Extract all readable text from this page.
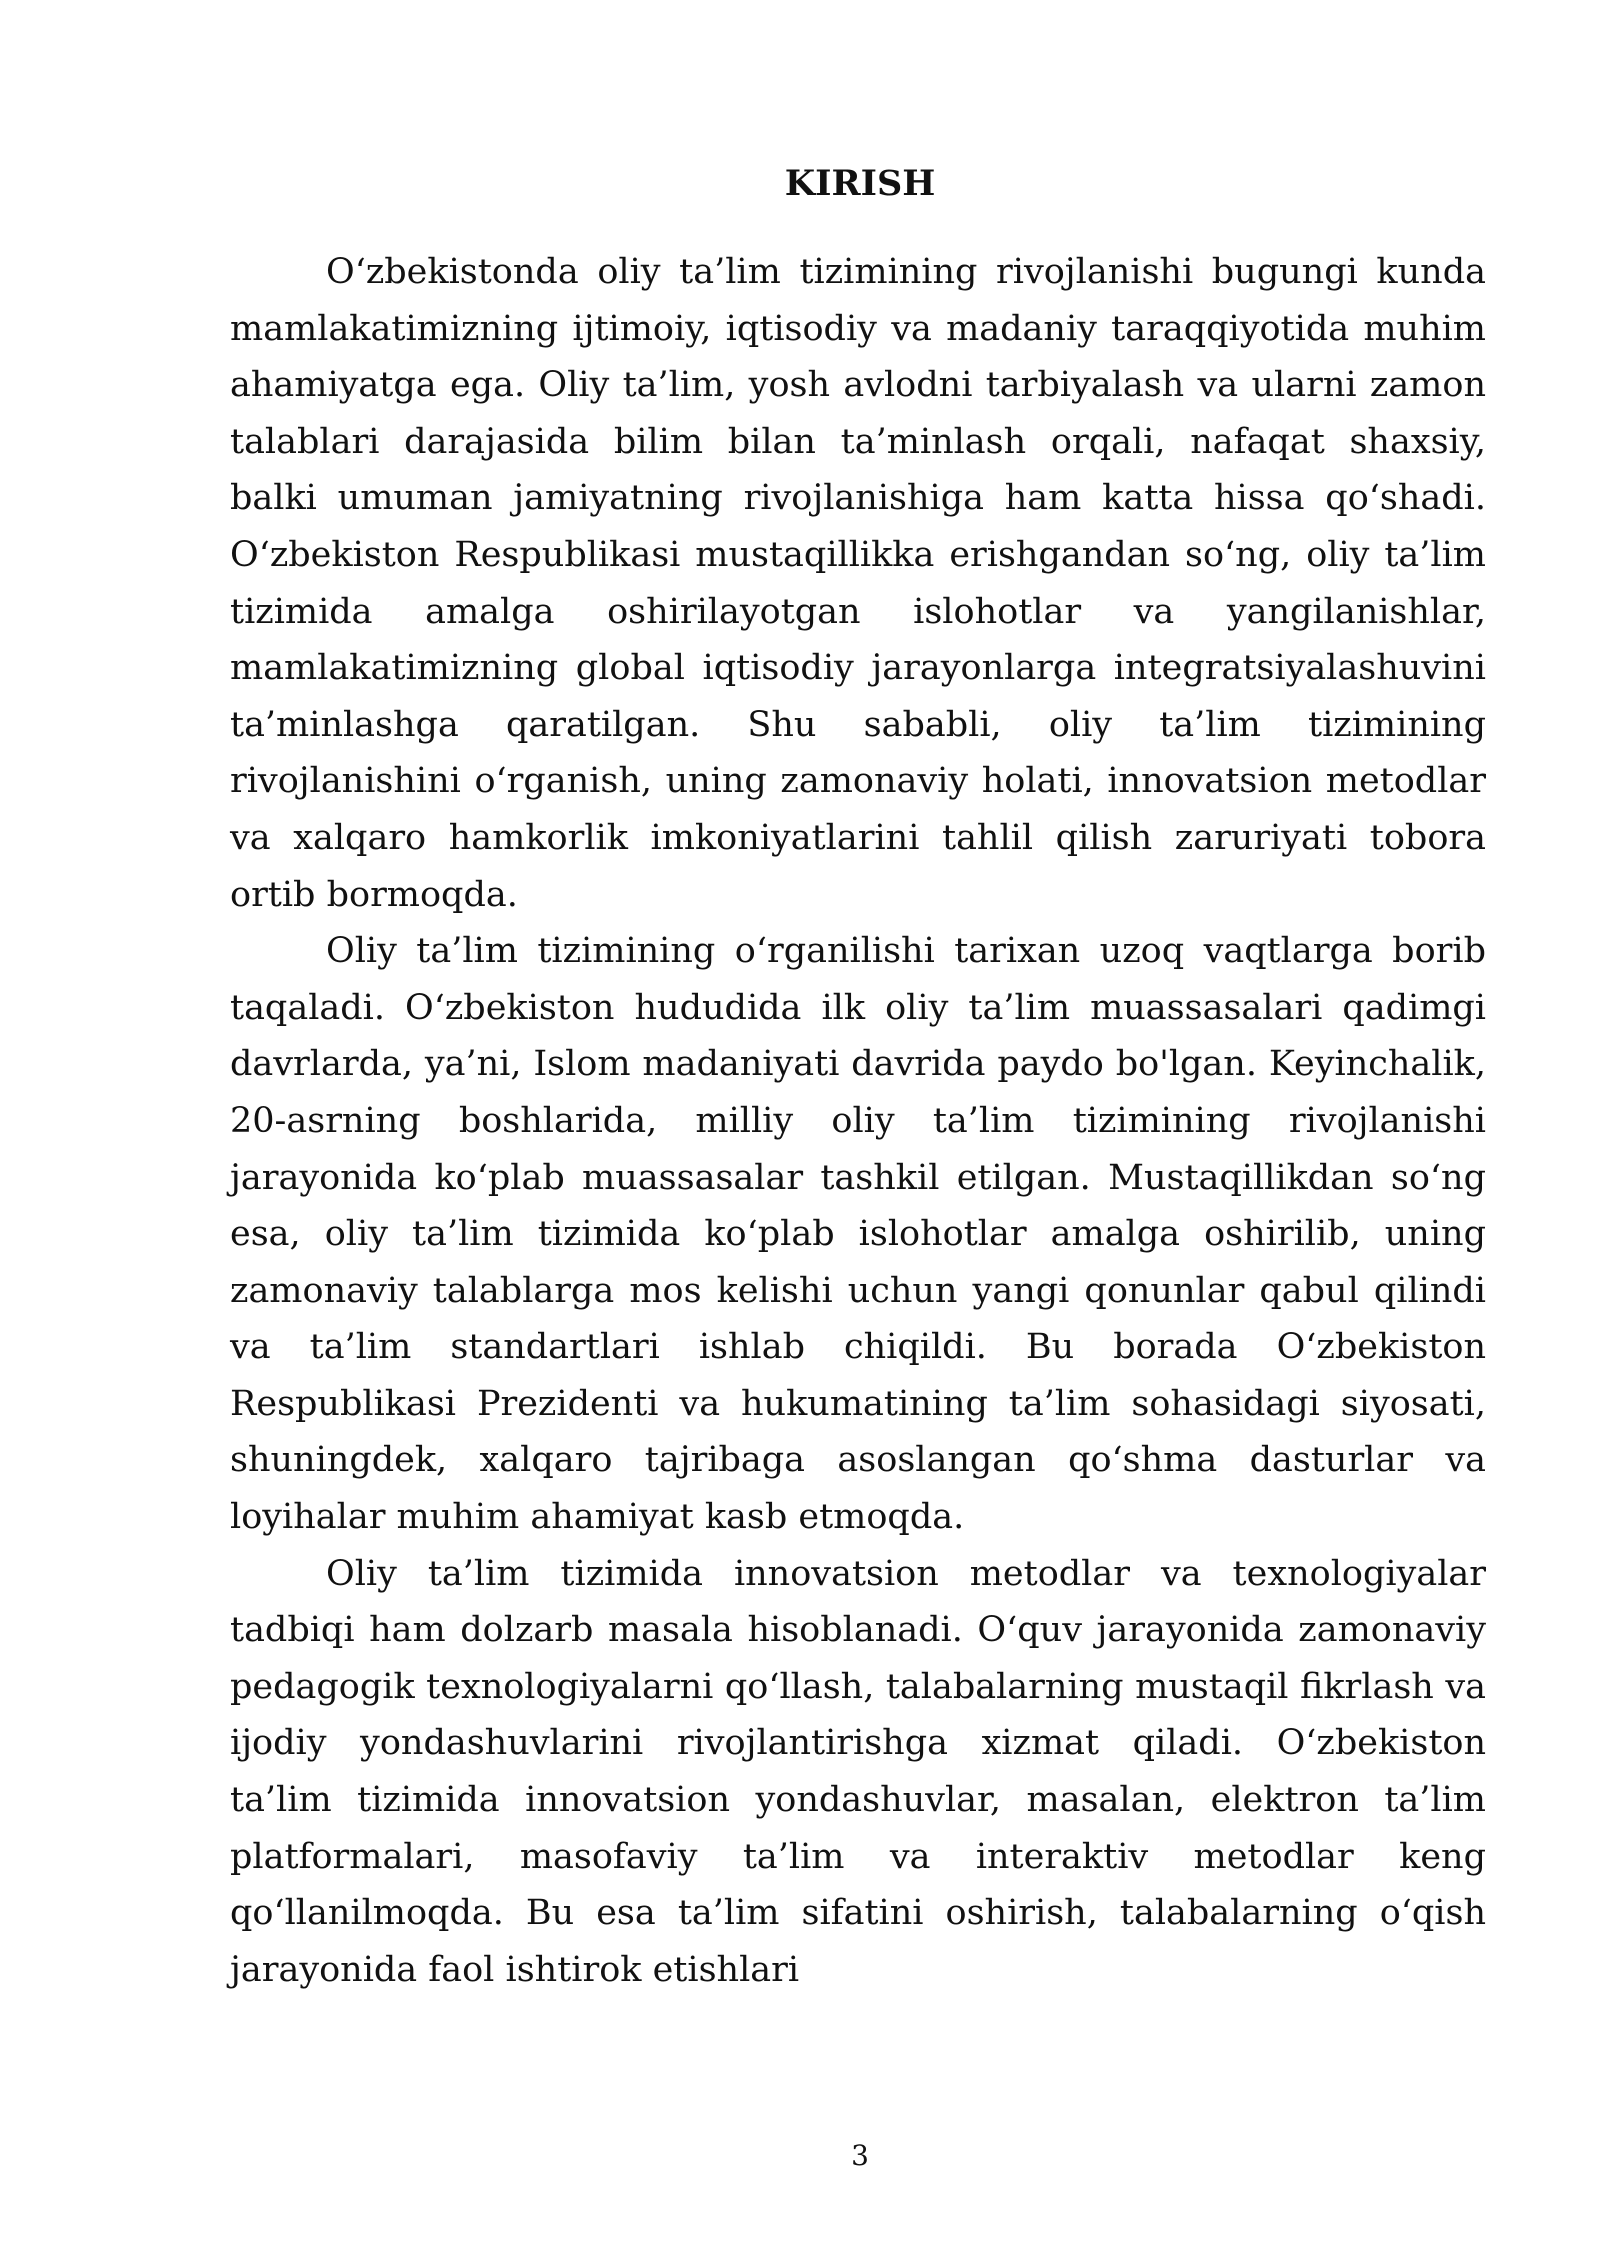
KIRISH

O‘zbekistonda oliy ta’lim tizimining rivojlanishi bugungi kunda mamlakatimizning ijtimoiy, iqtisodiy va madaniy taraqqiyotida muhim ahamiyatga ega. Oliy ta’lim, yosh avlodni tarbiyalash va ularni zamon talablari darajasida bilim bilan ta’minlash orqali, nafaqat shaxsiy, balki umuman jamiyatning rivojlanishiga ham katta hissa qo‘shadi. O‘zbekiston Respublikasi mustaqillikka erishgandan so‘ng, oliy ta’lim tizimida amalga oshirilayotgan islohotlar va yangilanishlar, mamlakatimizning global iqtisodiy jarayonlarga integratsiyalashuvini ta’minlashga qaratilgan. Shu sababli, oliy ta’lim tizimining rivojlanishini o‘rganish, uning zamonaviy holati, innovatsion metodlar va xalqaro hamkorlik imkoniyatlarini tahlil qilish zaruriyati tobora ortib bormoqda.

Oliy ta’lim tizimining o‘rganilishi tarixan uzoq vaqtlarga borib taqaladi. O‘zbekiston hududida ilk oliy ta’lim muassasalari qadimgi davrlarda, ya’ni, Islom madaniyati davrida paydo bo'lgan. Keyinchalik, 20-asrning boshlarida, milliy oliy ta’lim tizimining rivojlanishi jarayonida ko‘plab muassasalar tashkil etilgan. Mustaqillikdan so‘ng esa, oliy ta’lim tizimida ko‘plab islohotlar amalga oshirilib, uning zamonaviy talablarga mos kelishi uchun yangi qonunlar qabul qilindi va ta’lim standartlari ishlab chiqildi. Bu borada O‘zbekiston Respublikasi Prezidenti va hukumatining ta’lim sohasidagi siyosati, shuningdek, xalqaro tajribaga asoslangan qo‘shma dasturlar va loyihalar muhim ahamiyat kasb etmoqda.

Oliy ta’lim tizimida innovatsion metodlar va texnologiyalar tadbiqi ham dolzarb masala hisoblanadi. O‘quv jarayonida zamonaviy pedagogik texnologiyalarni qo‘llash, talabalarning mustaqil fikrlash va ijodiy yondashuvlarini rivojlantirishga xizmat qiladi. O‘zbekiston ta’lim tizimida innovatsion yondashuvlar, masalan, elektron ta’lim platformalari, masofaviy ta’lim va interaktiv metodlar keng qo‘llanilmoqda. Bu esa ta’lim sifatini oshirish, talabalarning o‘qish jarayonida faol ishtirok etishlari

3
